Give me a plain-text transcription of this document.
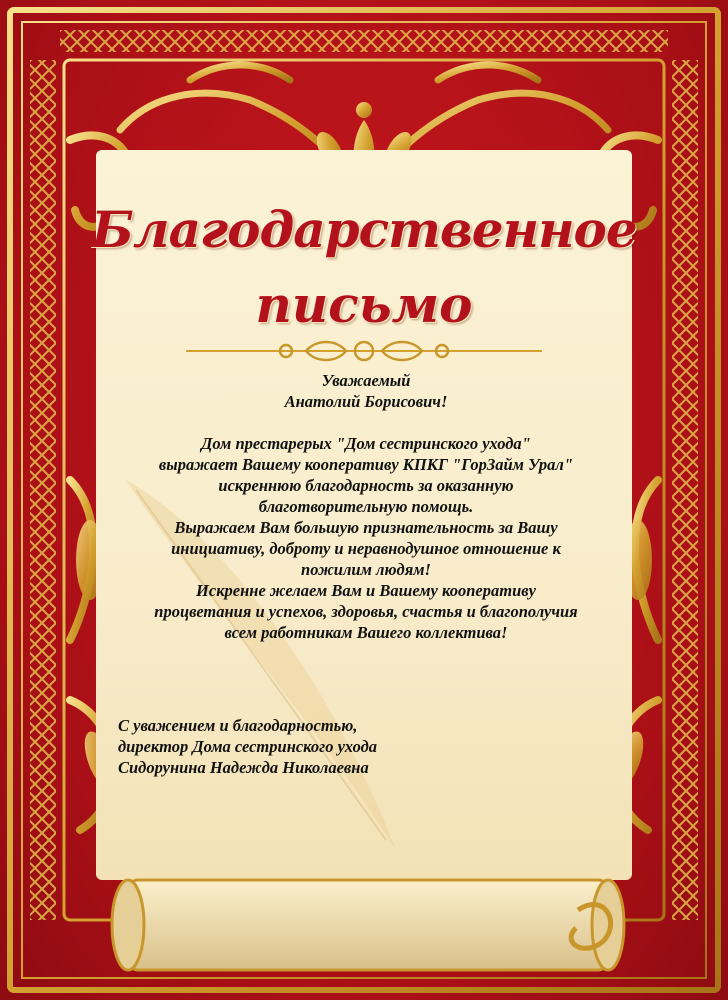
Благодарственное
письмо

Уважаемый

Анатолий Борисович!

Дом престарерых "Дом сестринского ухода"

выражает Вашему кооперативу КПКГ "ГорЗайм Урал"

искреннюю благодарность за оказанную

благотворительную помощь.

Выражаем Вам большую признательность за Вашу

инициативу, доброту и неравнодушное отношение к

пожилим людям!

Искренне желаем Вам и Вашему кооперативу

процветания и успехов, здоровья, счастья и благополучия

всем работникам Вашего коллектива!

С уважением и благодарностью,
директор Дома сестринского ухода
Сидорунина Надежда Николаевна
